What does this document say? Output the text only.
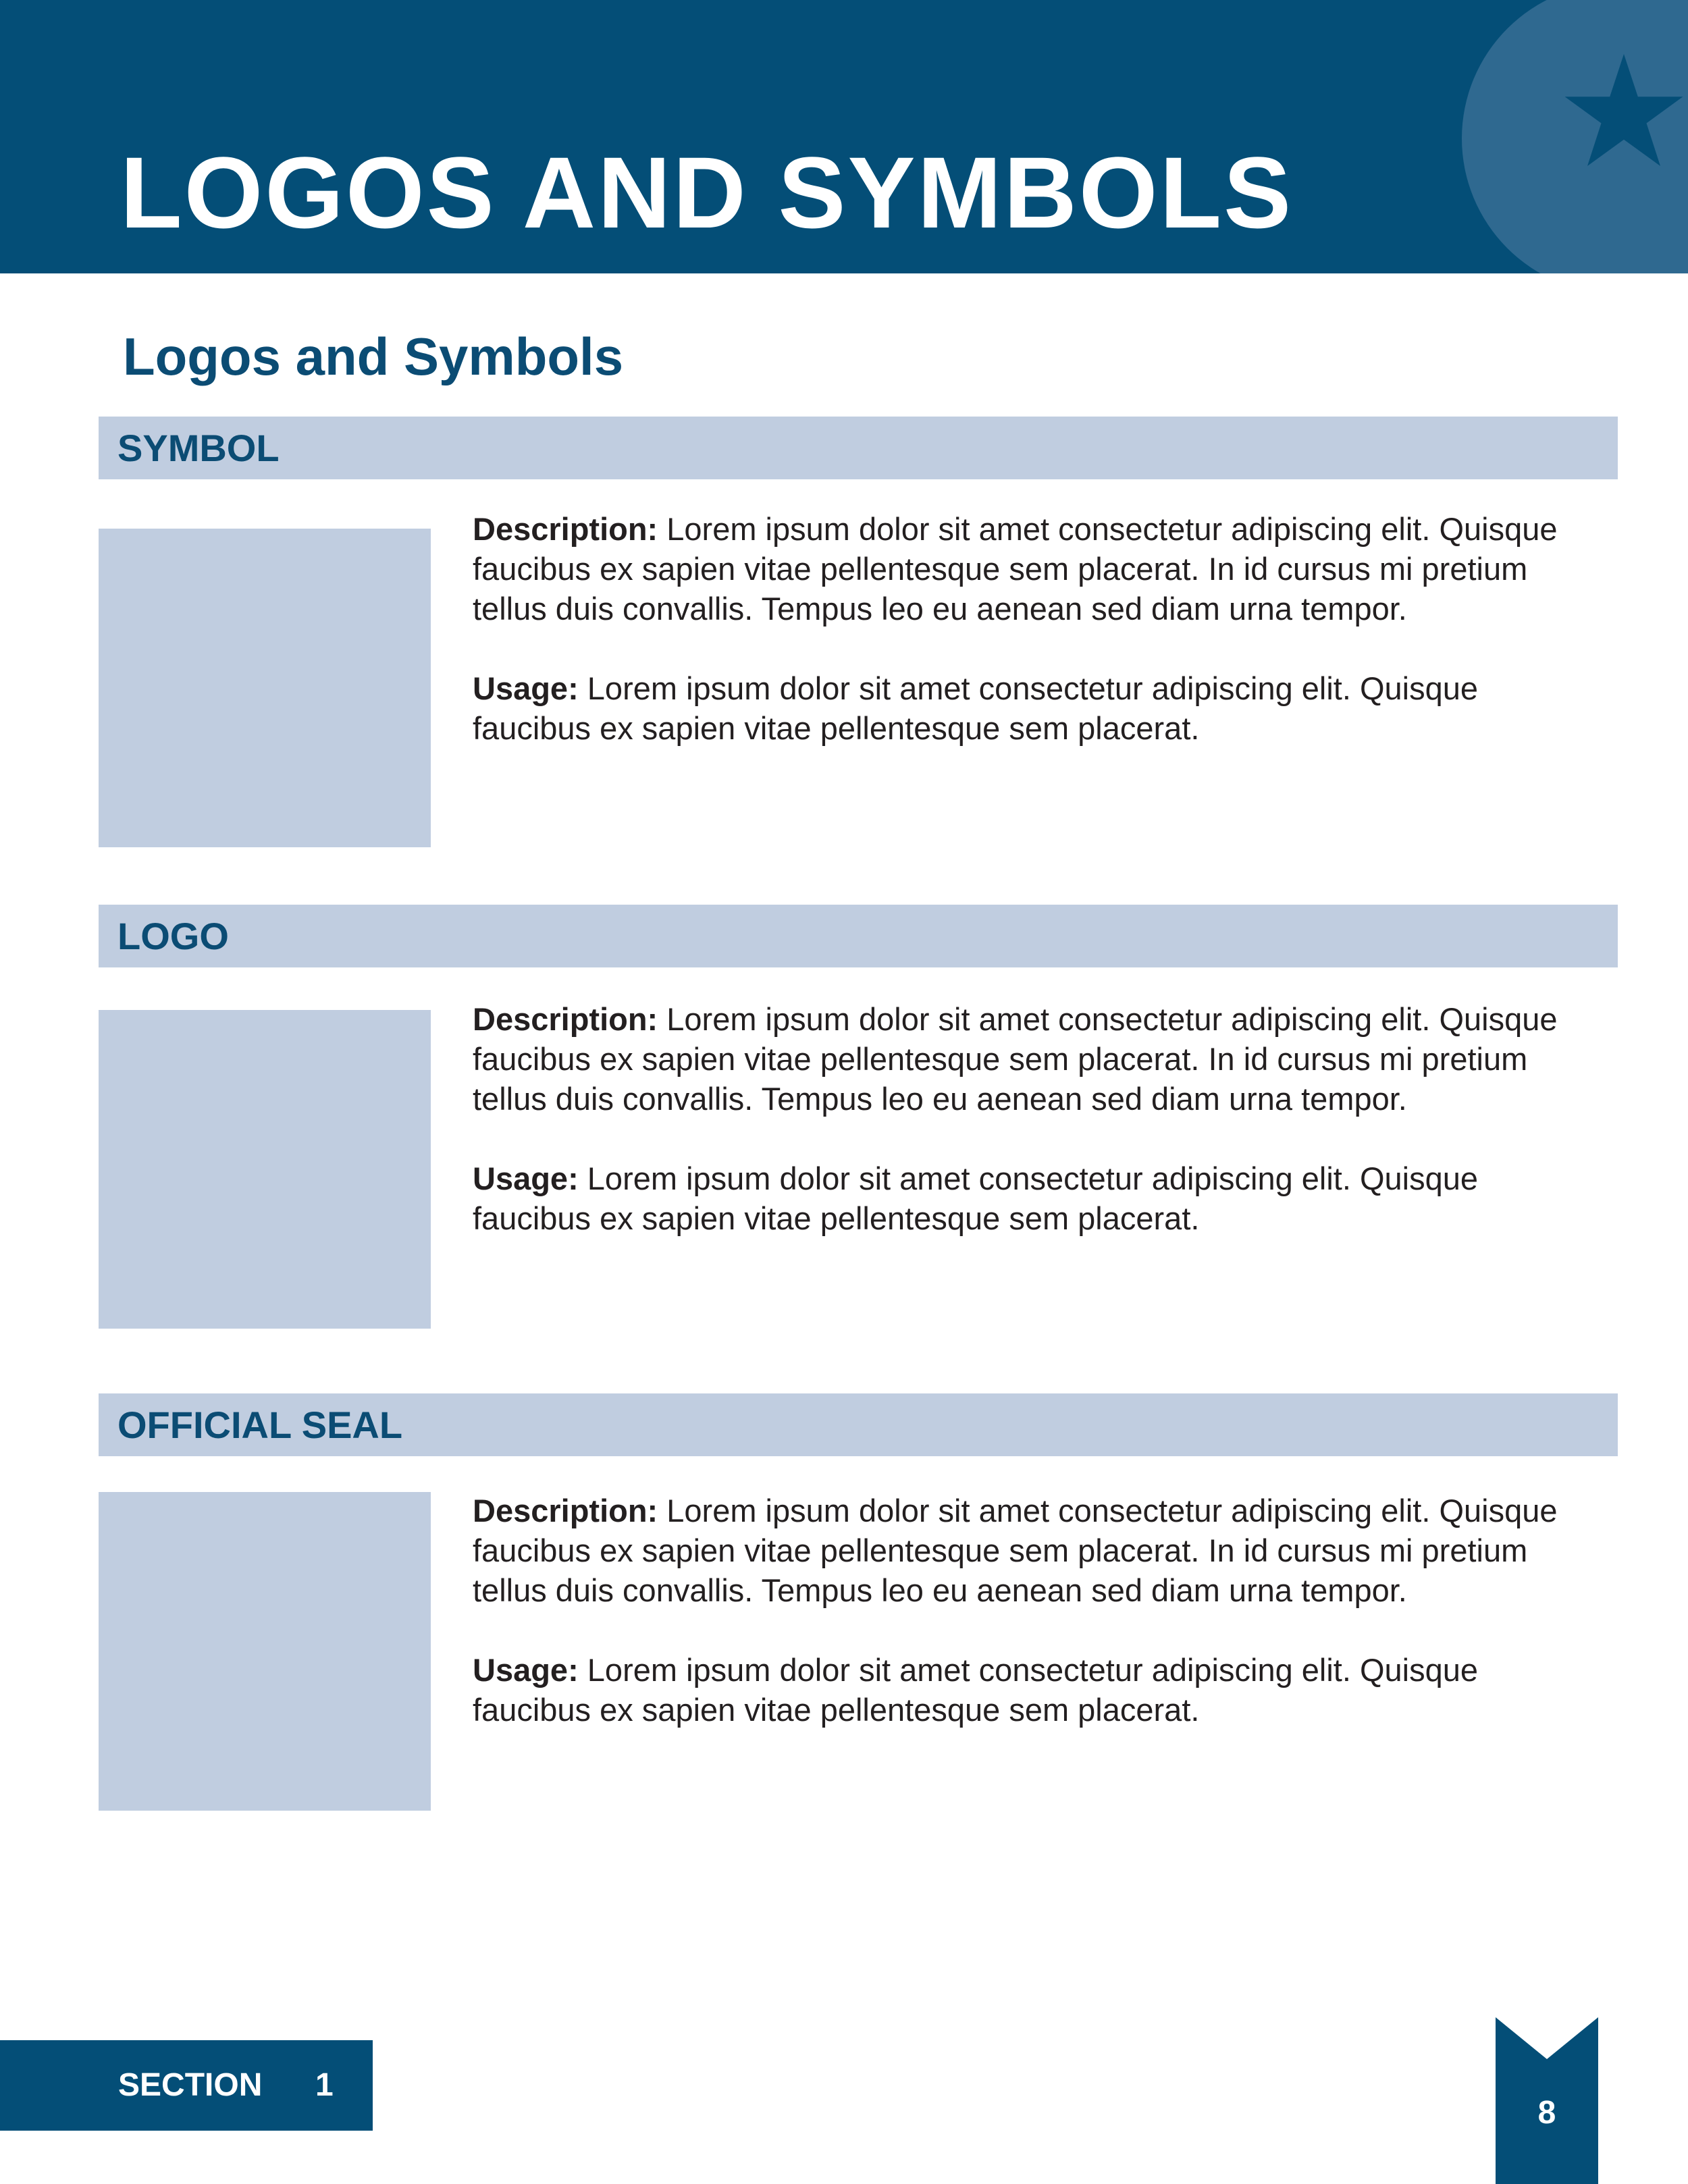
LOGOS AND SYMBOLS
Logos and Symbols
SYMBOL

Description: Lorem ipsum dolor sit amet consectetur adipiscing elit. Quisque faucibus ex sapien vitae pellentesque sem placerat. In id cursus mi pretium tellus duis convallis. Tempus leo eu aenean sed diam urna tempor.

Usage: Lorem ipsum dolor sit amet consectetur adipiscing elit. Quisque faucibus ex sapien vitae pellentesque sem placerat.

LOGO

Description: Lorem ipsum dolor sit amet consectetur adipiscing elit. Quisque faucibus ex sapien vitae pellentesque sem placerat. In id cursus mi pretium tellus duis convallis. Tempus leo eu aenean sed diam urna tempor.

Usage: Lorem ipsum dolor sit amet consectetur adipiscing elit. Quisque faucibus ex sapien vitae pellentesque sem placerat.

OFFICIAL SEAL

Description: Lorem ipsum dolor sit amet consectetur adipiscing elit. Quisque faucibus ex sapien vitae pellentesque sem placerat. In id cursus mi pretium tellus duis convallis. Tempus leo eu aenean sed diam urna tempor.

Usage: Lorem ipsum dolor sit amet consectetur adipiscing elit. Quisque faucibus ex sapien vitae pellentesque sem placerat.

SECTION 1
8
